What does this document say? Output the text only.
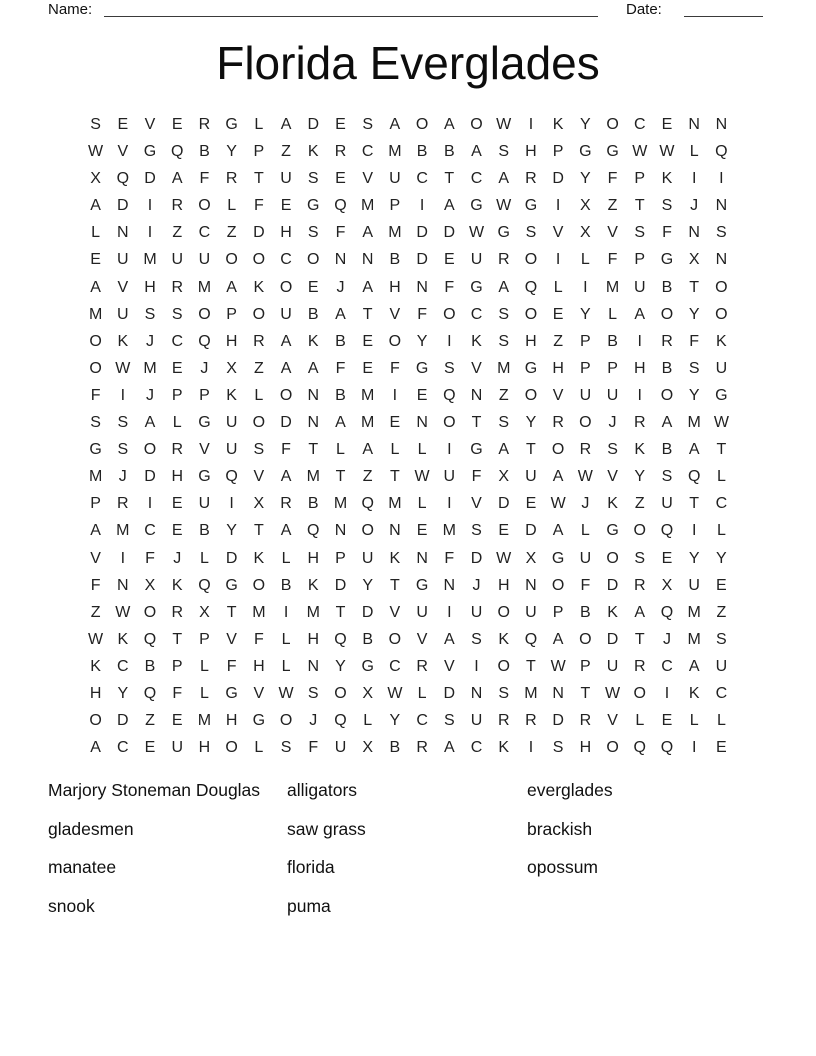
Name:	Date:
Florida Everglades
S	E	V	E	R G	L	A	D	E	S	A O A O W	I	K	Y O C	E	N N
W V G Q B	Y	P	Z	K	R C M B	B	A	S	H	P G G W W L	Q
X Q D	A	F	R	T	U	S	E	V	U C	T	C	A	R D	Y	F	P	K	I	I
A	D	I	R O	L	F	E G Q M P	I	A G W G	I	X	Z	T	S	J	N
L	N	I	Z	C	Z	D H	S	F	A M D D W G S	V	X	V	S	F	N	S
E	U M U U O O C O N N	B	D	E	U R O	I	L	F	P G X	N
A	V	H R M A	K O E	J	A	H N	F	G A Q	L	I	M U	B	T	O
M U	S	S O P O U	B	A	T	V	F	O C	S O E	Y	L	A O Y O
O K	J	C Q H R	A	K	B	E O Y	I	K	S	H	Z	P	B	I	R	F	K
O W M E	J	X	Z	A	A	F	E	F	G S	V M G H	P	P	H	B	S	U
F	I	J	P	P	K	L	O N	B M	I	E Q N	Z	O V	U U	I	O Y G
S	S	A	L	G U O D N	A M E	N O	T	S	Y	R O	J	R	A M W
G S O R	V	U	S	F	T	L	A	L	L	I	G A	T	O R	S	K	B	A	T
M	J	D H G Q V	A M T	Z	T W U	F	X	U	A W V	Y	S Q	L
P	R	I	E	U	I	X	R	B M Q M	L	I	V	D	E W J	K	Z	U	T	C
A M C	E	B	Y	T	A Q N O N	E M S	E	D	A	L	G O Q	I	L
V	I	F	J	L	D	K	L	H	P	U	K	N	F	D W X G U O S	E	Y	Y
F	N	X	K Q G O B	K	D	Y	T	G N	J	H N O	F	D R	X	U	E
Z W O R	X	T M	I	M T	D	V	U	I	U O U	P	B	K	A Q M Z
W K Q	T	P	V	F	L	H Q B O V	A	S	K Q A O D	T	J	M S
K	C	B	P	L	F	H	L	N	Y G C R	V	I	O	T W P	U R C	A	U
H	Y Q	F	L	G V W S O X W L	D N	S M N	T W O	I	K	C
O D	Z	E M H G O	J	Q	L	Y	C	S	U R R D R	V	L	E	L	L
A	C	E	U H O	L	S	F	U	X	B	R	A	C	K	I	S	H O Q Q	I	E
Marjory Stoneman Douglas
gladesmen
manatee
snook
alligators
saw grass
florida
puma
everglades
brackish
opossum
